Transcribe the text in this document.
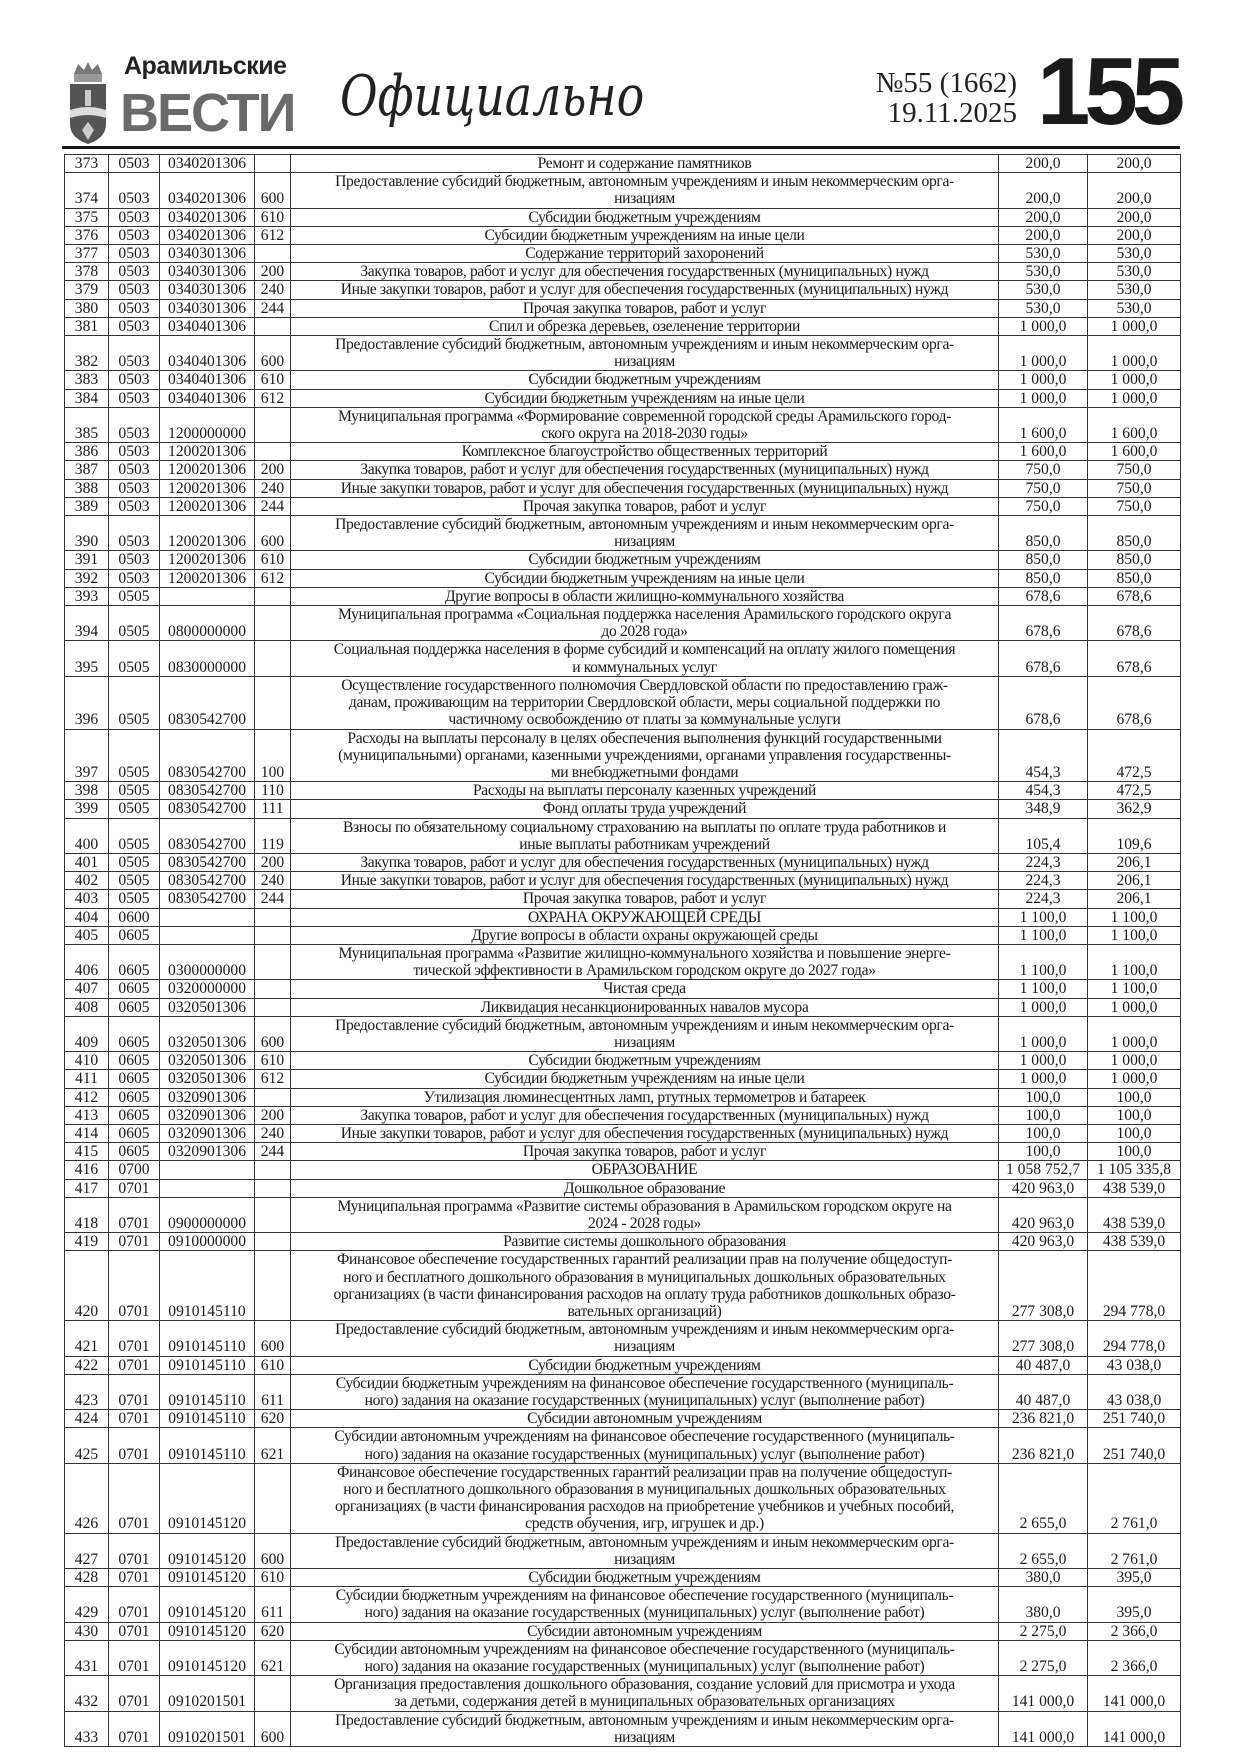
Арамильские
ВЕСТИ Официально	№55 (1662)
19.11.2025 155
373	0503	0340201306		Ремонт и содержание памятников	200,0	200,0
374	0503	0340201306	600	Предоставление субсидий бюджетным, автономным учреждениям и иным некоммерческим орга-
низациям	200,0	200,0
375	0503	0340201306	610	Субсидии бюджетным учреждениям	200,0	200,0
376	0503	0340201306	612	Субсидии бюджетным учреждениям на иные цели	200,0	200,0
377	0503	0340301306		Содержание территорий захоронений	530,0	530,0
378	0503	0340301306	200	Закупка товаров, работ и услуг для обеспечения государственных (муниципальных) нужд	530,0	530,0
379	0503	0340301306	240	Иные закупки товаров, работ и услуг для обеспечения государственных (муниципальных) нужд	530,0	530,0
380	0503	0340301306	244	Прочая закупка товаров, работ и услуг	530,0	530,0
381	0503	0340401306		Спил и обрезка деревьев, озеленение территории	1 000,0	1 000,0
382	0503	0340401306	600	Предоставление субсидий бюджетным, автономным учреждениям и иным некоммерческим орга-
низациям	1 000,0	1 000,0
383	0503	0340401306	610	Субсидии бюджетным учреждениям	1 000,0	1 000,0
384	0503	0340401306	612	Субсидии бюджетным учреждениям на иные цели	1 000,0	1 000,0
385	0503	1200000000		Муниципальная программа «Формирование современной городской среды Арамильского город-
ского округа на 2018-2030 годы»	1 600,0	1 600,0
386	0503	1200201306		Комплексное благоустройство общественных территорий	1 600,0	1 600,0
387	0503	1200201306	200	Закупка товаров, работ и услуг для обеспечения государственных (муниципальных) нужд	750,0	750,0
388	0503	1200201306	240	Иные закупки товаров, работ и услуг для обеспечения государственных (муниципальных) нужд	750,0	750,0
389	0503	1200201306	244	Прочая закупка товаров, работ и услуг	750,0	750,0
390	0503	1200201306	600	Предоставление субсидий бюджетным, автономным учреждениям и иным некоммерческим орга-
низациям	850,0	850,0
391	0503	1200201306	610	Субсидии бюджетным учреждениям	850,0	850,0
392	0503	1200201306	612	Субсидии бюджетным учреждениям на иные цели	850,0	850,0
393	0505			Другие вопросы в области жилищно-коммунального хозяйства	678,6	678,6
394	0505	0800000000		Муниципальная программа «Социальная поддержка населения Арамильского городского округа
до 2028 года»	678,6	678,6
395	0505	0830000000		Социальная поддержка населения в форме субсидий и компенсаций на оплату жилого помещения
и коммунальных услуг	678,6	678,6
396	0505	0830542700		Осуществление государственного полномочия Свердловской области по предоставлению граж-
данам, проживающим на территории Свердловской области, меры социальной поддержки по
частичному освобождению от платы за коммунальные услуги	678,6	678,6
397	0505	0830542700	100	Расходы на выплаты персоналу в целях обеспечения выполнения функций государственными
(муниципальными) органами, казенными учреждениями, органами управления государственны-
ми внебюджетными фондами	454,3	472,5
398	0505	0830542700	110	Расходы на выплаты персоналу казенных учреждений	454,3	472,5
399	0505	0830542700	111	Фонд оплаты труда учреждений	348,9	362,9
400	0505	0830542700	119	Взносы по обязательному социальному страхованию на выплаты по оплате труда работников и
иные выплаты работникам учреждений	105,4	109,6
401	0505	0830542700	200	Закупка товаров, работ и услуг для обеспечения государственных (муниципальных) нужд	224,3	206,1
402	0505	0830542700	240	Иные закупки товаров, работ и услуг для обеспечения государственных (муниципальных) нужд	224,3	206,1
403	0505	0830542700	244	Прочая закупка товаров, работ и услуг	224,3	206,1
404	0600			ОХРАНА ОКРУЖАЮЩЕЙ СРЕДЫ	1 100,0	1 100,0
405	0605			Другие вопросы в области охраны окружающей среды	1 100,0	1 100,0
406	0605	0300000000		Муниципальная программа «Развитие жилищно-коммунального хозяйства и повышение энерге-
тической эффективности в Арамильском городском округе до 2027 года»	1 100,0	1 100,0
407	0605	0320000000		Чистая среда	1 100,0	1 100,0
408	0605	0320501306		Ликвидация несанкционированных навалов мусора	1 000,0	1 000,0
409	0605	0320501306	600	Предоставление субсидий бюджетным, автономным учреждениям и иным некоммерческим орга-
низациям	1 000,0	1 000,0
410	0605	0320501306	610	Субсидии бюджетным учреждениям	1 000,0	1 000,0
411	0605	0320501306	612	Субсидии бюджетным учреждениям на иные цели	1 000,0	1 000,0
412	0605	0320901306		Утилизация люминесцентных ламп, ртутных термометров и батареек	100,0	100,0
413	0605	0320901306	200	Закупка товаров, работ и услуг для обеспечения государственных (муниципальных) нужд	100,0	100,0
414	0605	0320901306	240	Иные закупки товаров, работ и услуг для обеспечения государственных (муниципальных) нужд	100,0	100,0
415	0605	0320901306	244	Прочая закупка товаров, работ и услуг	100,0	100,0
416	0700			ОБРАЗОВАНИЕ	1 058 752,7	1 105 335,8
417	0701			Дошкольное образование	420 963,0	438 539,0
418	0701	0900000000		Муниципальная программа «Развитие системы образования в Арамильском городском округе на
2024 - 2028 годы»	420 963,0	438 539,0
419	0701	0910000000		Развитие системы дошкольного образования	420 963,0	438 539,0
420	0701	0910145110		Финансовое обеспечение государственных гарантий реализации прав на получение общедоступ-
ного и бесплатного дошкольного образования в муниципальных дошкольных образовательных
организациях (в части финансирования расходов на оплату труда работников дошкольных образо-
вательных организаций)	277 308,0	294 778,0
421	0701	0910145110	600	Предоставление субсидий бюджетным, автономным учреждениям и иным некоммерческим орга-
низациям	277 308,0	294 778,0
422	0701	0910145110	610	Субсидии бюджетным учреждениям	40 487,0	43 038,0
423	0701	0910145110	611	Субсидии бюджетным учреждениям на финансовое обеспечение государственного (муниципаль-
ного) задания на оказание государственных (муниципальных) услуг (выполнение работ)	40 487,0	43 038,0
424	0701	0910145110	620	Субсидии автономным учреждениям	236 821,0	251 740,0
425	0701	0910145110	621	Субсидии автономным учреждениям на финансовое обеспечение государственного (муниципаль-
ного) задания на оказание государственных (муниципальных) услуг (выполнение работ)	236 821,0	251 740,0
426	0701	0910145120		Финансовое обеспечение государственных гарантий реализации прав на получение общедоступ-
ного и бесплатного дошкольного образования в муниципальных дошкольных образовательных
организациях (в части финансирования расходов на приобретение учебников и учебных пособий,
средств обучения, игр, игрушек и др.)	2 655,0	2 761,0
427	0701	0910145120	600	Предоставление субсидий бюджетным, автономным учреждениям и иным некоммерческим орга-
низациям	2 655,0	2 761,0
428	0701	0910145120	610	Субсидии бюджетным учреждениям	380,0	395,0
429	0701	0910145120	611	Субсидии бюджетным учреждениям на финансовое обеспечение государственного (муниципаль-
ного) задания на оказание государственных (муниципальных) услуг (выполнение работ)	380,0	395,0
430	0701	0910145120	620	Субсидии автономным учреждениям	2 275,0	2 366,0
431	0701	0910145120	621	Субсидии автономным учреждениям на финансовое обеспечение государственного (муниципаль-
ного) задания на оказание государственных (муниципальных) услуг (выполнение работ)	2 275,0	2 366,0
432	0701	0910201501		Организация предоставления дошкольного образования, создание условий для присмотра и ухода
за детьми, содержания детей в муниципальных образовательных организациях	141 000,0	141 000,0
433	0701	0910201501	600	Предоставление субсидий бюджетным, автономным учреждениям и иным некоммерческим орга-
низациям	141 000,0	141 000,0
